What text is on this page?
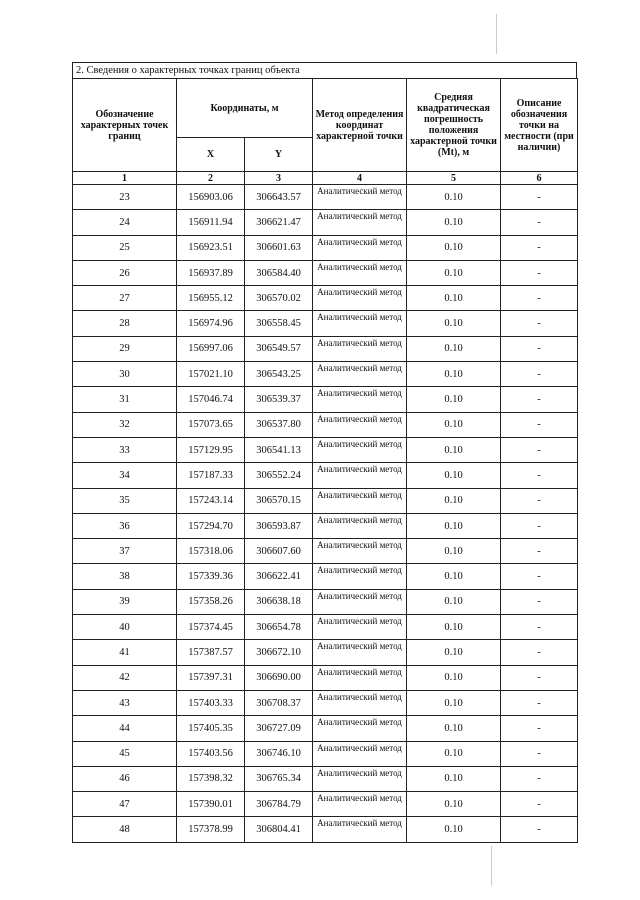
2. Сведения о характерных точках границ объекта
Обозначение характерных точек границ	Координаты, м		Метод определения координат характерной точки	Средняя квадратическая погрешность положения характерной точки (Mt), м	Описание обозначения точки на местности (при наличии)
	X	Y			
1	2	3	4	5	6
23	156903.06	306643.57	Аналитический метод	0.10	-
24	156911.94	306621.47	Аналитический метод	0.10	-
25	156923.51	306601.63	Аналитический метод	0.10	-
26	156937.89	306584.40	Аналитический метод	0.10	-
27	156955.12	306570.02	Аналитический метод	0.10	-
28	156974.96	306558.45	Аналитический метод	0.10	-
29	156997.06	306549.57	Аналитический метод	0.10	-
30	157021.10	306543.25	Аналитический метод	0.10	-
31	157046.74	306539.37	Аналитический метод	0.10	-
32	157073.65	306537.80	Аналитический метод	0.10	-
33	157129.95	306541.13	Аналитический метод	0.10	-
34	157187.33	306552.24	Аналитический метод	0.10	-
35	157243.14	306570.15	Аналитический метод	0.10	-
36	157294.70	306593.87	Аналитический метод	0.10	-
37	157318.06	306607.60	Аналитический метод	0.10	-
38	157339.36	306622.41	Аналитический метод	0.10	-
39	157358.26	306638.18	Аналитический метод	0.10	-
40	157374.45	306654.78	Аналитический метод	0.10	-
41	157387.57	306672.10	Аналитический метод	0.10	-
42	157397.31	306690.00	Аналитический метод	0.10	-
43	157403.33	306708.37	Аналитический метод	0.10	-
44	157405.35	306727.09	Аналитический метод	0.10	-
45	157403.56	306746.10	Аналитический метод	0.10	-
46	157398.32	306765.34	Аналитический метод	0.10	-
47	157390.01	306784.79	Аналитический метод	0.10	-
48	157378.99	306804.41	Аналитический метод	0.10	-
